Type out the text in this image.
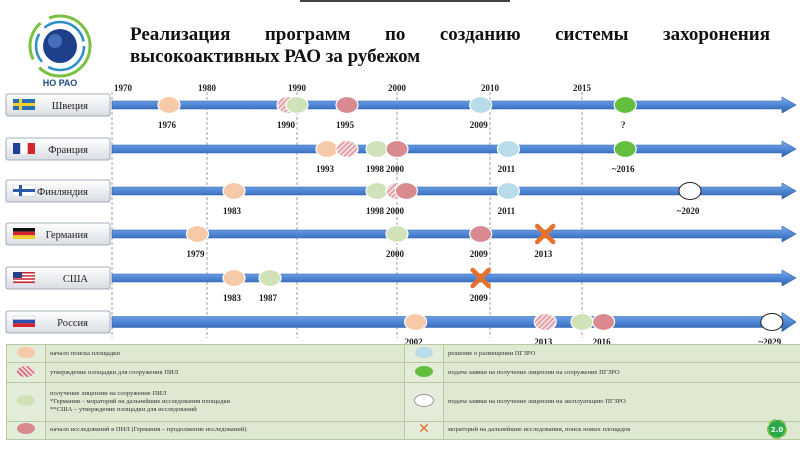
НО РАО
Реализация программ по созданию системы захоронения
высокоактивных РАО за рубежом
1970	1980	1990	2000	2010	2015
Швеция
1976	1990	1995	2009	?
Франция
1993	1998 2000	2011	~2016
Финляндия
1983	1998 2000	2011	~2020
Германия
1979	2000	2009	2013
США
1983 1987	2009
Россия
2002	2013	2016	~2029

	начало поиска площадки		решение о размещении ПГЗРО

	утверждение площадки для сооружения ПИЛ		подача заявки на получение лицензии на сооружение ПГЗРО

	получение лицензии на сооружение ПИЛ
*Германия – мораторий на дальнейшие исследования площадки
**США – утверждение площадки для исследований		подача заявки на получение лицензии на эксплуатацию ПГЗРО

	начало исследований в ПИЛ (Германия – продолжение исследований)	✕	мораторий на дальнейшие исследования, поиск новых площадок	2.0
